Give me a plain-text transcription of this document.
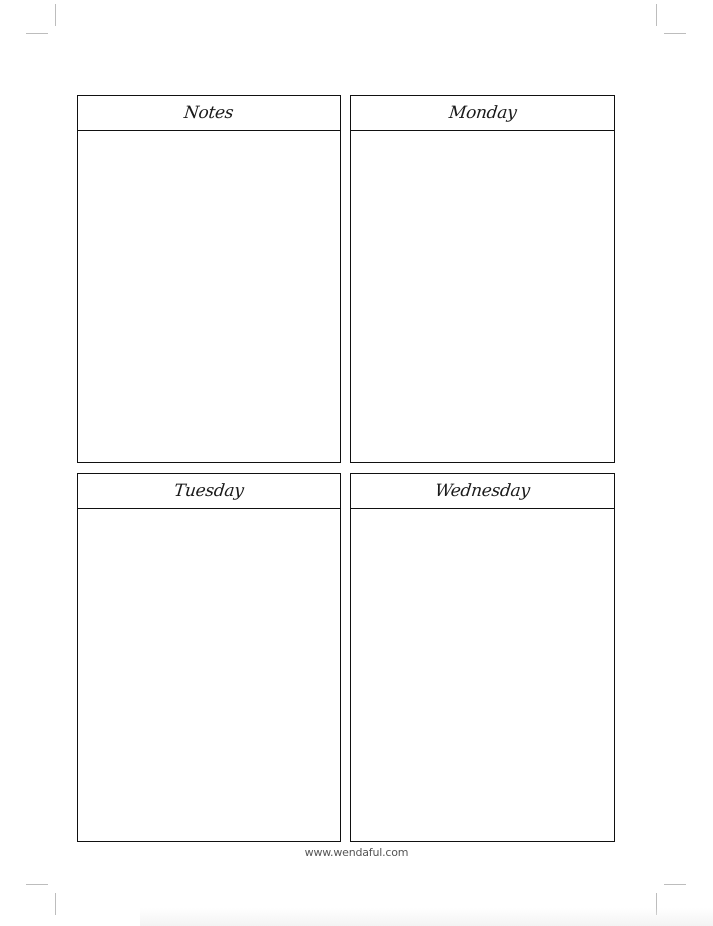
Notes	Monday
Tuesday	Wednesday
www.wendaful.com
